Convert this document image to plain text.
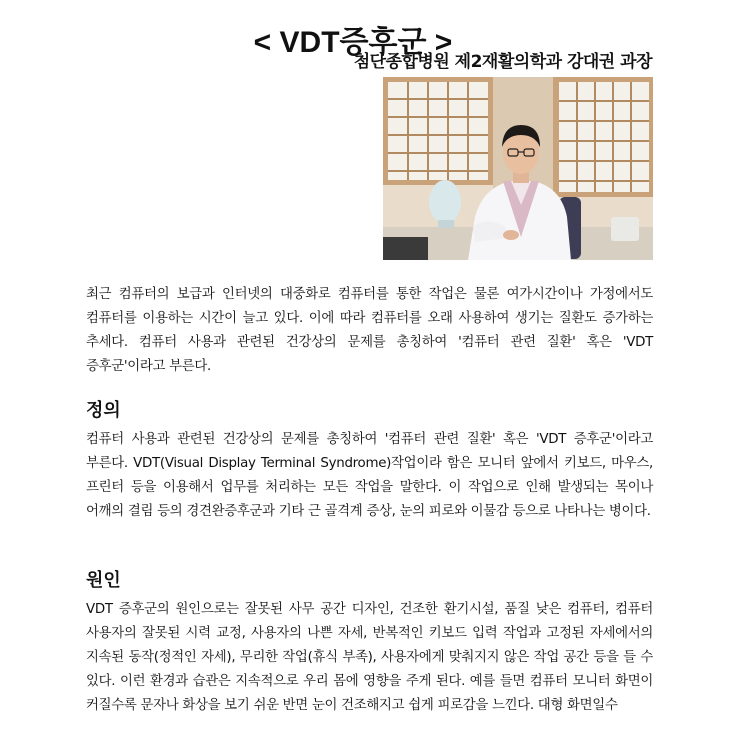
< VDT증후군 >
첨단종합병원 제2재활의학과 강대권 과장

최근 컴퓨터의 보급과 인터넷의 대중화로 컴퓨터를 통한 작업은 물론 여가시간이나 가정에서도 컴퓨터를 이용하는 시간이 늘고 있다. 이에 따라 컴퓨터를 오래 사용하여 생기는 질환도 증가하는 추세다. 컴퓨터 사용과 관련된 건강상의 문제를 총칭하여 '컴퓨터 관련 질환' 혹은 'VDT 증후군'이라고 부른다.

정의

컴퓨터 사용과 관련된 건강상의 문제를 총칭하여 '컴퓨터 관련 질환' 혹은 'VDT 증후군'이라고 부른다. VDT(Visual Display Terminal Syndrome)작업이라 함은 모니터 앞에서 키보드, 마우스, 프린터 등을 이용해서 업무를 처리하는 모든 작업을 말한다. 이 작업으로 인해 발생되는 목이나 어깨의 결림 등의 경견완증후군과 기타 근 골격계 증상, 눈의 피로와 이물감 등으로 나타나는 병이다.

원인

VDT 증후군의 원인으로는 잘못된 사무 공간 디자인, 건조한 환기시설, 품질 낮은 컴퓨터, 컴퓨터 사용자의 잘못된 시력 교정, 사용자의 나쁜 자세, 반복적인 키보드 입력 작업과 고정된 자세에서의 지속된 동작(정적인 자세), 무리한 작업(휴식 부족), 사용자에게 맞춰지지 않은 작업 공간 등을 들 수 있다. 이런 환경과 습관은 지속적으로 우리 몸에 영향을 주게 된다. 예를 들면 컴퓨터 모니터 화면이 커질수록 문자나 화상을 보기 쉬운 반면 눈이 건조해지고 쉽게 피로감을 느낀다. 대형 화면일수
